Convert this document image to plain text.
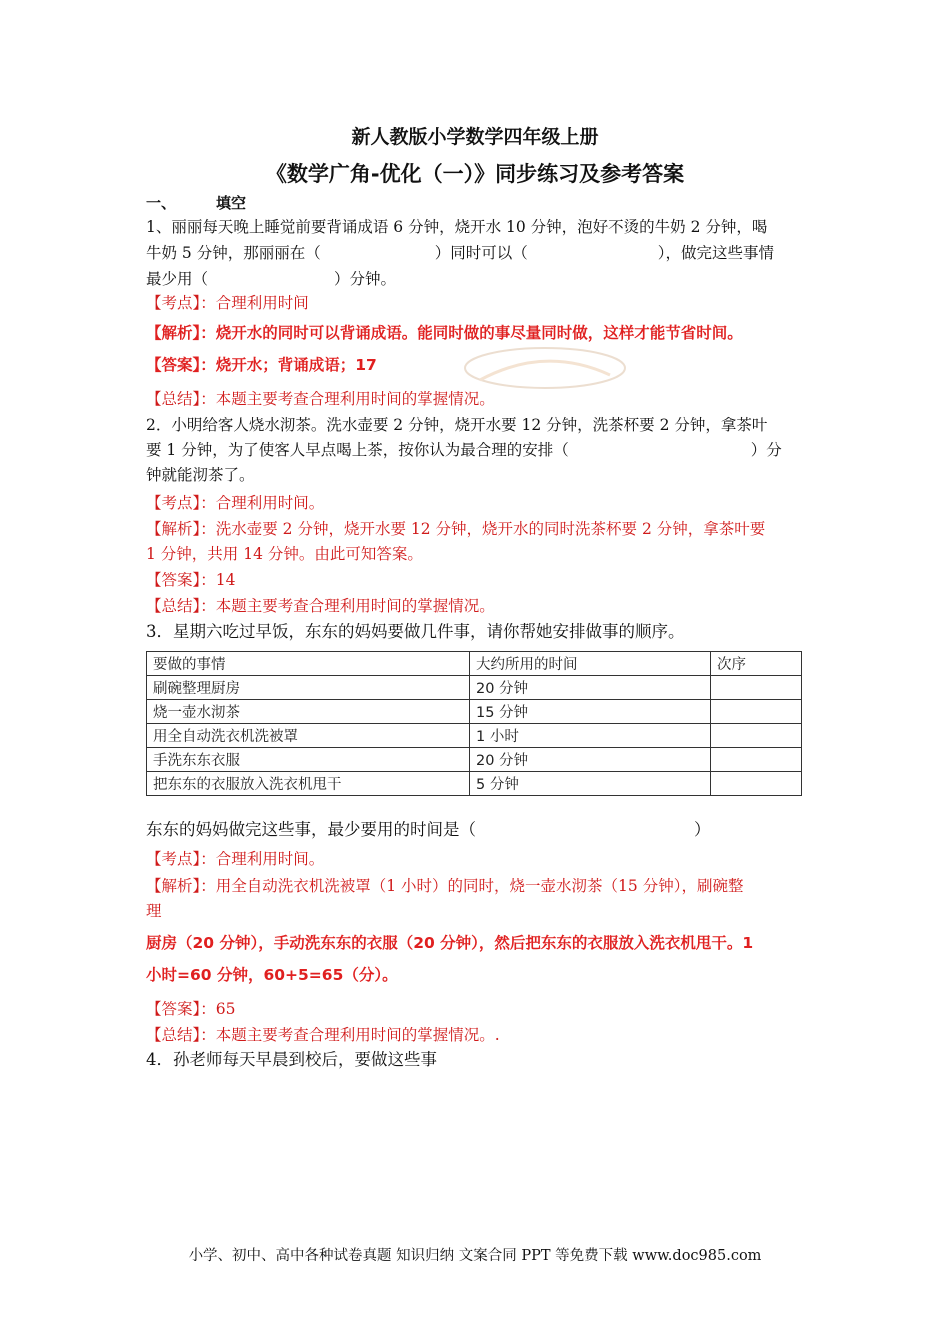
新人教版小学数学四年级上册
《数学广角-优化（一）》同步练习及参考答案
一、	填空
1、丽丽每天晚上睡觉前要背诵成语 6 分钟，烧开水 10 分钟，泡好不烫的牛奶 2 分钟，喝
牛奶 5 分钟，那丽丽在（	）同时可以（	），做完这些事情
最少用（	）分钟。
【考点】：合理利用时间
【解析】：烧开水的同时可以背诵成语。能同时做的事尽量同时做，这样才能节省时间。
【答案】：烧开水；背诵成语；17
【总结】：本题主要考查合理利用时间的掌握情况。
2．小明给客人烧水沏茶。洗水壶要 2 分钟，烧开水要 12 分钟，洗茶杯要 2 分钟，拿茶叶
要 1 分钟，为了使客人早点喝上茶，按你认为最合理的安排（	）分
钟就能沏茶了。
【考点】：合理利用时间。
【解析】：洗水壶要 2 分钟，烧开水要 12 分钟，烧开水的同时洗茶杯要 2 分钟，拿茶叶要
1 分钟，共用 14 分钟。由此可知答案。
【答案】：14
【总结】：本题主要考查合理利用时间的掌握情况。
3．星期六吃过早饭，东东的妈妈要做几件事，请你帮她安排做事的顺序。
要做的事情	大约所用的时间	次序
刷碗整理厨房	20 分钟	
烧一壶水沏茶	15 分钟	
用全自动洗衣机洗被罩	1 小时	
手洗东东衣服	20 分钟	
把东东的衣服放入洗衣机甩干	5 分钟	
东东的妈妈做完这些事，最少要用的时间是（	）
【考点】：合理利用时间。
【解析】：用全自动洗衣机洗被罩（1 小时）的同时，烧一壶水沏茶（15 分钟），刷碗整
理
厨房（20 分钟），手动洗东东的衣服（20 分钟），然后把东东的衣服放入洗衣机甩干。1
小时=60 分钟，60+5=65（分）。
【答案】：65
【总结】：本题主要考查合理利用时间的掌握情况。.
4．孙老师每天早晨到校后，要做这些事
小学、初中、高中各种试卷真题 知识归纳 文案合同 PPT 等免费下载 www.doc985.com
